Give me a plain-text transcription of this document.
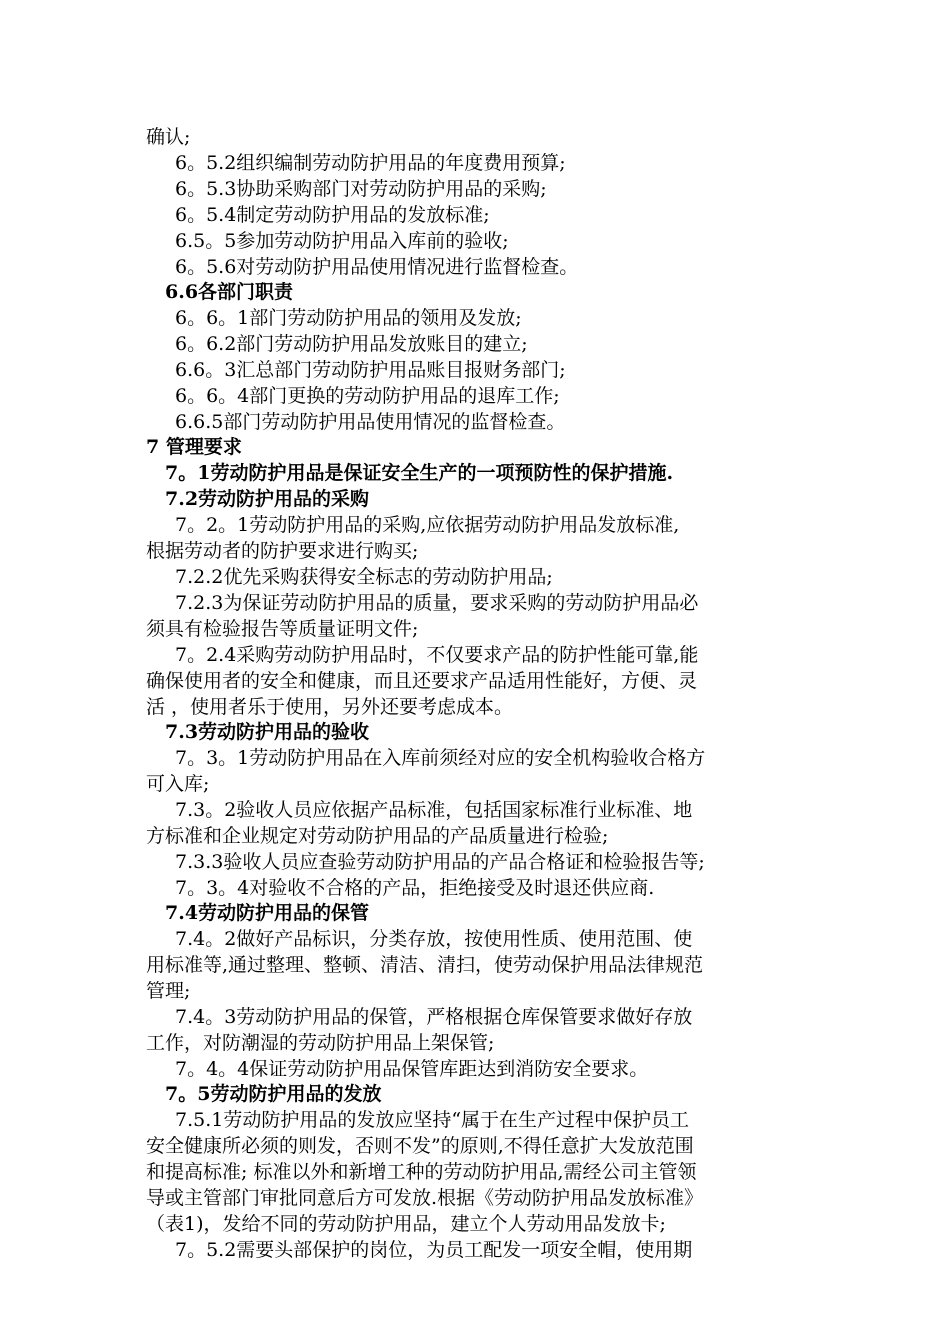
确认;
6。5.2组织编制劳动防护用品的年度费用预算;
6。5.3协助采购部门对劳动防护用品的采购;
6。5.4制定劳动防护用品的发放标准;
6.5。5参加劳动防护用品入库前的验收;
6。5.6对劳动防护用品使用情况进行监督检查。
6.6各部门职责
6。6。1部门劳动防护用品的领用及发放;
6。6.2部门劳动防护用品发放账目的建立;
6.6。3汇总部门劳动防护用品账目报财务部门;
6。6。4部门更换的劳动防护用品的退库工作;
6.6.5部门劳动防护用品使用情况的监督检查。
7 管理要求
7。1劳动防护用品是保证安全生产的一项预防性的保护措施.
7.2劳动防护用品的采购
7。2。1劳动防护用品的采购,应依据劳动防护用品发放标准,
根据劳动者的防护要求进行购买;
7.2.2优先采购获得安全标志的劳动防护用品;
7.2.3为保证劳动防护用品的质量，要求采购的劳动防护用品必
须具有检验报告等质量证明文件;
7。2.4采购劳动防护用品时，不仅要求产品的防护性能可靠,能
确保使用者的安全和健康，而且还要求产品适用性能好，方便、灵
活 ，使用者乐于使用，另外还要考虑成本。
7.3劳动防护用品的验收
7。3。1劳动防护用品在入库前须经对应的安全机构验收合格方
可入库;
7.3。2验收人员应依据产品标准，包括国家标准行业标准、地
方标准和企业规定对劳动防护用品的产品质量进行检验;
7.3.3验收人员应查验劳动防护用品的产品合格证和检验报告等;
7。3。4对验收不合格的产品，拒绝接受及时退还供应商.
7.4劳动防护用品的保管
7.4。2做好产品标识，分类存放，按使用性质、使用范围、使
用标准等,通过整理、整顿、清洁、清扫，使劳动保护用品法律规范
管理;
7.4。3劳动防护用品的保管，严格根据仓库保管要求做好存放
工作，对防潮湿的劳动防护用品上架保管;
7。4。4保证劳动防护用品保管库距达到消防安全要求。
7。5劳动防护用品的发放
7.5.1劳动防护用品的发放应坚持“属于在生产过程中保护员工
安全健康所必须的则发，否则不发”的原则,不得任意扩大发放范围
和提高标准; 标准以外和新增工种的劳动防护用品,需经公司主管领
导或主管部门审批同意后方可发放.根据《劳动防护用品发放标准》
（表1)，发给不同的劳动防护用品，建立个人劳动用品发放卡;
7。5.2需要头部保护的岗位，为员工配发一项安全帽，使用期
